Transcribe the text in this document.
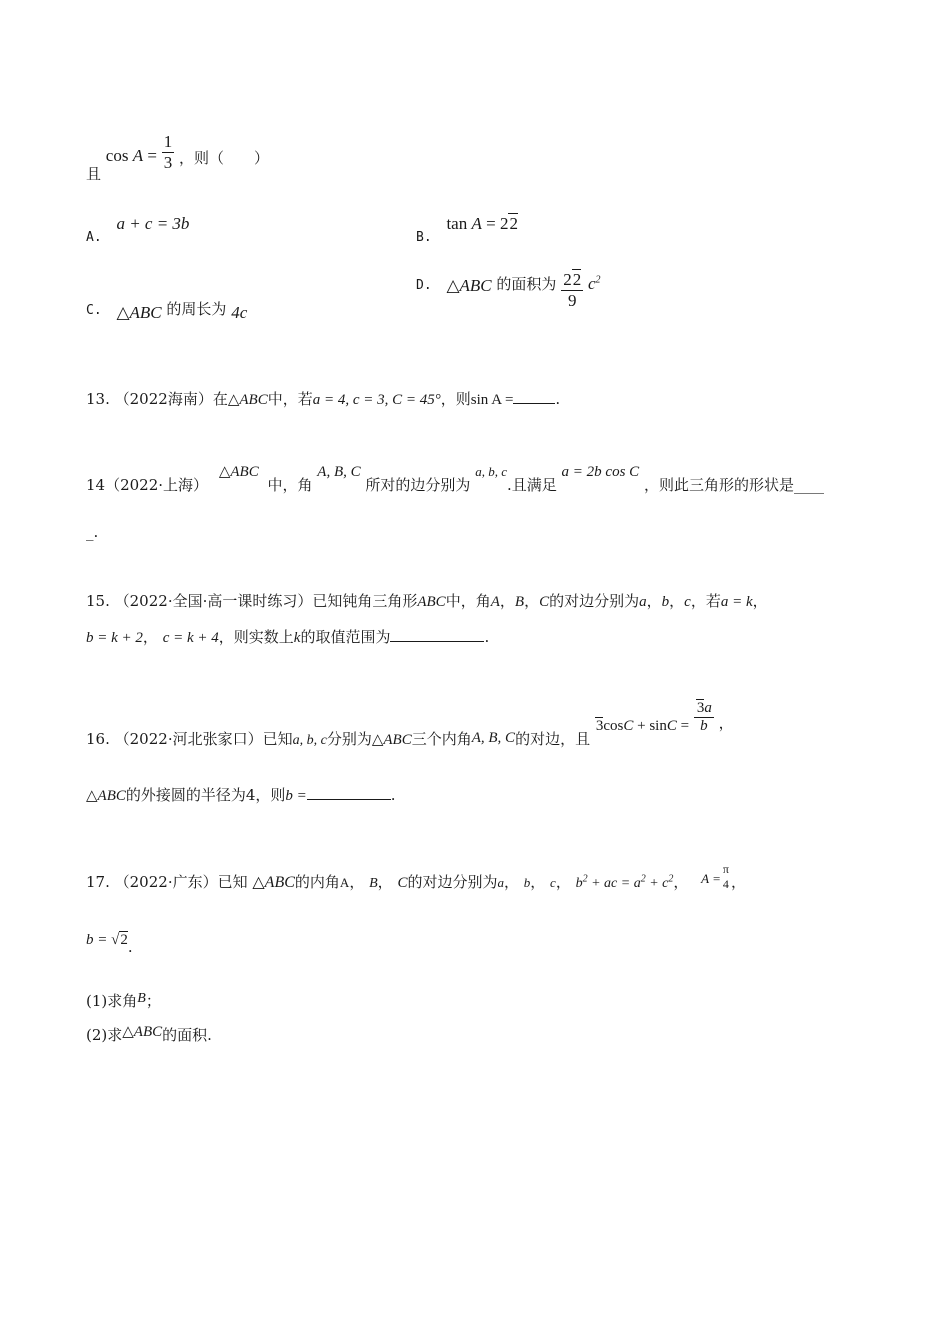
且 $\cos A = \frac{1}{3}$ ，则（　　）
A. a + c = 3b
B. tan A = 22
C. △ABC 的周长为 4c
D. △ABC 的面积为 $\frac{22}{9} c^2$
13. （2022海南）在△ABC中，若a = 4, c = 3, C = 45°，则sin A =	.
14（2022·上海） △ABC 中，角 A, B, C 所对的边分别为 a, b, c.且满足 a = 2b cos C ，则此三角形的形状是____
_.
15. （2022·全国·高一课时练习）已知钝角三角形ABC中，角A，B，C的对边分别为a，b，c，若a = k，
b = k + 2， c = k + 4，则实数上k的取值范围为	.
16. （2022·河北张家口）已知a, b, c分别为△ABC三个内角A, B, C的对边，且 $3\cos C + \sin C = \frac{3a}{b}$ ，
△ABC的外接圆的半径为4，则b =	.
17. （2022·广东）已知 △ABC的内角A， B， C的对边分别为a， b， c， $b^2$ + ac = $a^2 + c^2$， A =
π
4 ，
b = √2.
(1)求角B；
(2)求△ABC的面积.
